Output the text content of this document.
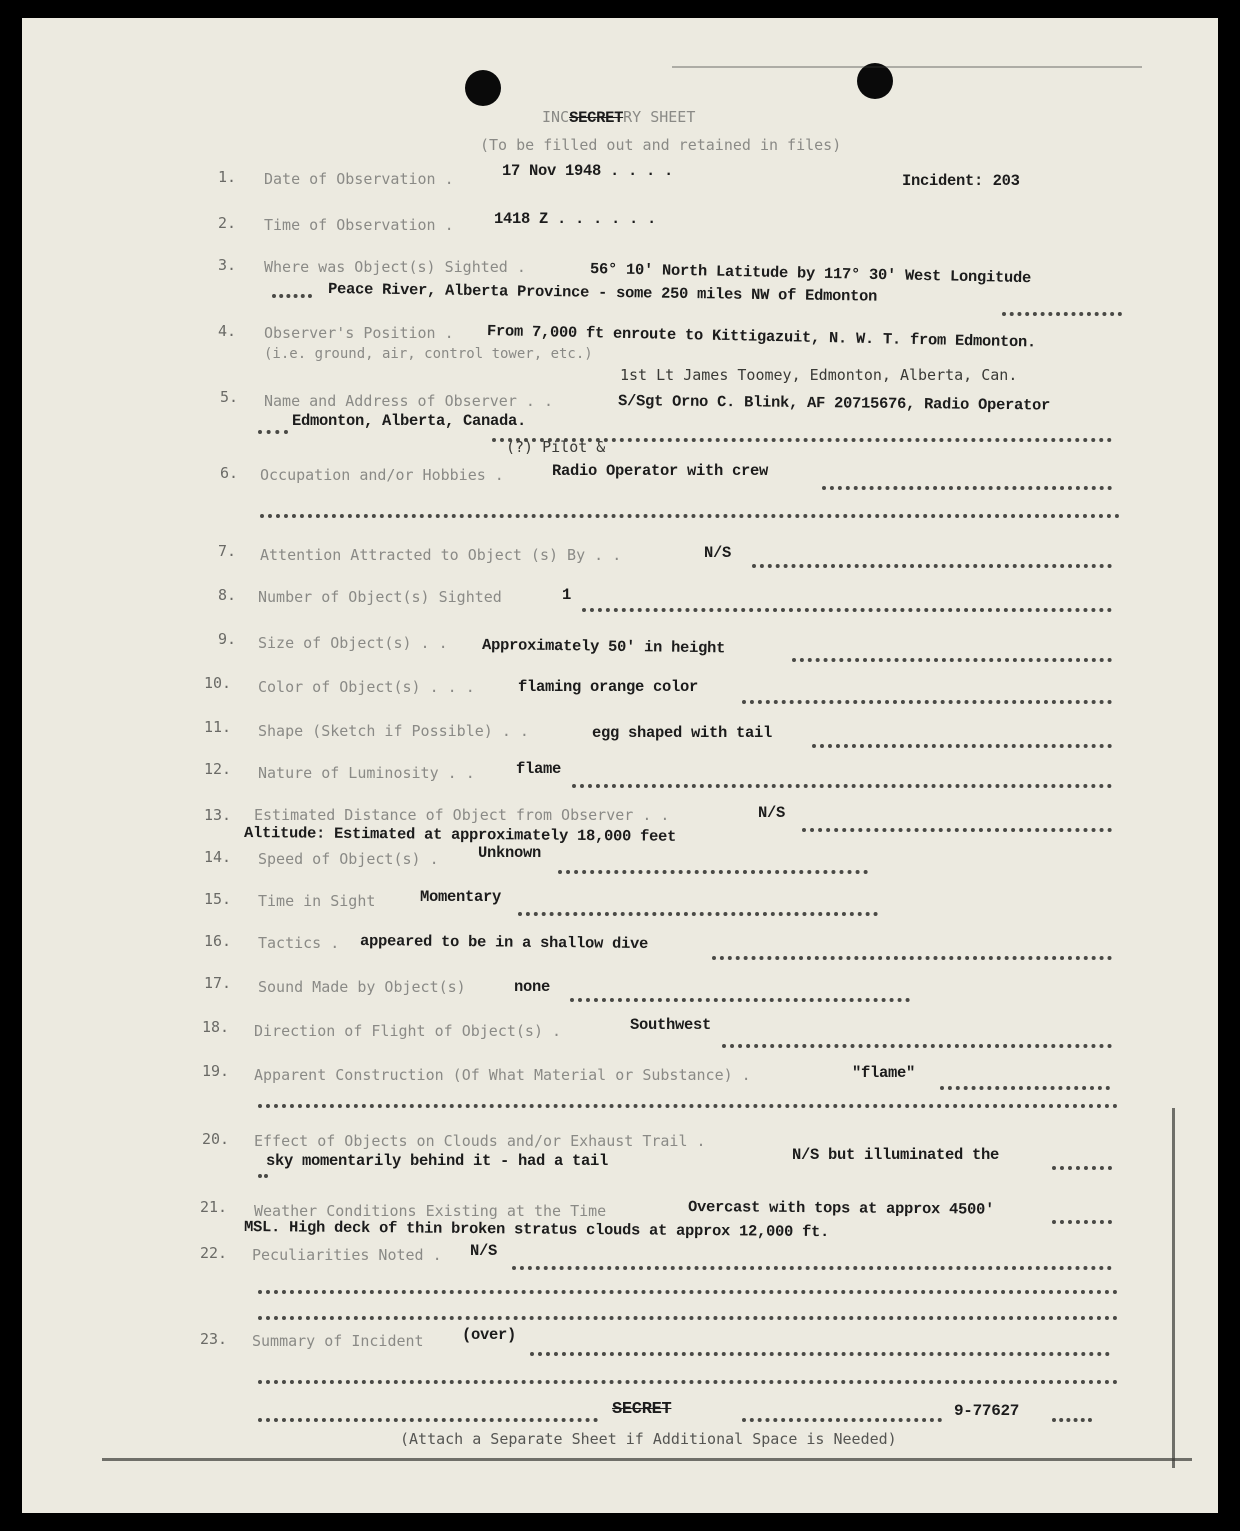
INCSECRETRY SHEET
(To be filled out and retained in files)
Incident: 203
1. Date of Observation .	17 Nov 1948 . . . .
2. Time of Observation .	1418 Z . . . . . .
3. Where was Object(s) Sighted .	56° 10' North Latitude by 117° 30' West Longitude
Peace River, Alberta Province - some 250 miles NW of Edmonton
4. Observer's Position . From 7,000 ft enroute to Kittigazuit, N. W. T. from Edmonton.
(i.e. ground, air, control tower, etc.)
5. Name and Address of Observer . .
1st Lt James Toomey, Edmonton, Alberta, Can.
S/Sgt Orno C. Blink, AF 20715676, Radio Operator
Edmonton, Alberta, Canada.
(?) Pilot &
6. Occupation and/or Hobbies .	Radio Operator with crew
7. Attention Attracted to Object (s) By . .	N/S
8. Number of Object(s) Sighted	1
9. Size of Object(s) . . Approximately 50' in height
10. Color of Object(s) . . .	flaming orange color
11. Shape (Sketch if Possible) . .	egg shaped with tail
12. Nature of Luminosity . .	flame
13. Estimated Distance of Object from Observer . .	N/S
Altitude: Estimated at approximately 18,000 feet
14. Speed of Object(s) .	Unknown
15. Time in Sight	Momentary
16. Tactics . appeared to be in a shallow dive
17. Sound Made by Object(s)	none
18. Direction of Flight of Object(s) .	Southwest
19. Apparent Construction (Of What Material or Substance) .	"flame"
20. Effect of Objects on Clouds and/or Exhaust Trail .
N/S but illuminated the
sky momentarily behind it - had a tail
21. Weather Conditions Existing at the Time	Overcast with tops at approx 4500'
MSL. High deck of thin broken stratus clouds at approx 12,000 ft.
22. Peculiarities Noted . N/S
23. Summary of Incident (over)
SECRET	9-77627
(Attach a Separate Sheet if Additional Space is Needed)
